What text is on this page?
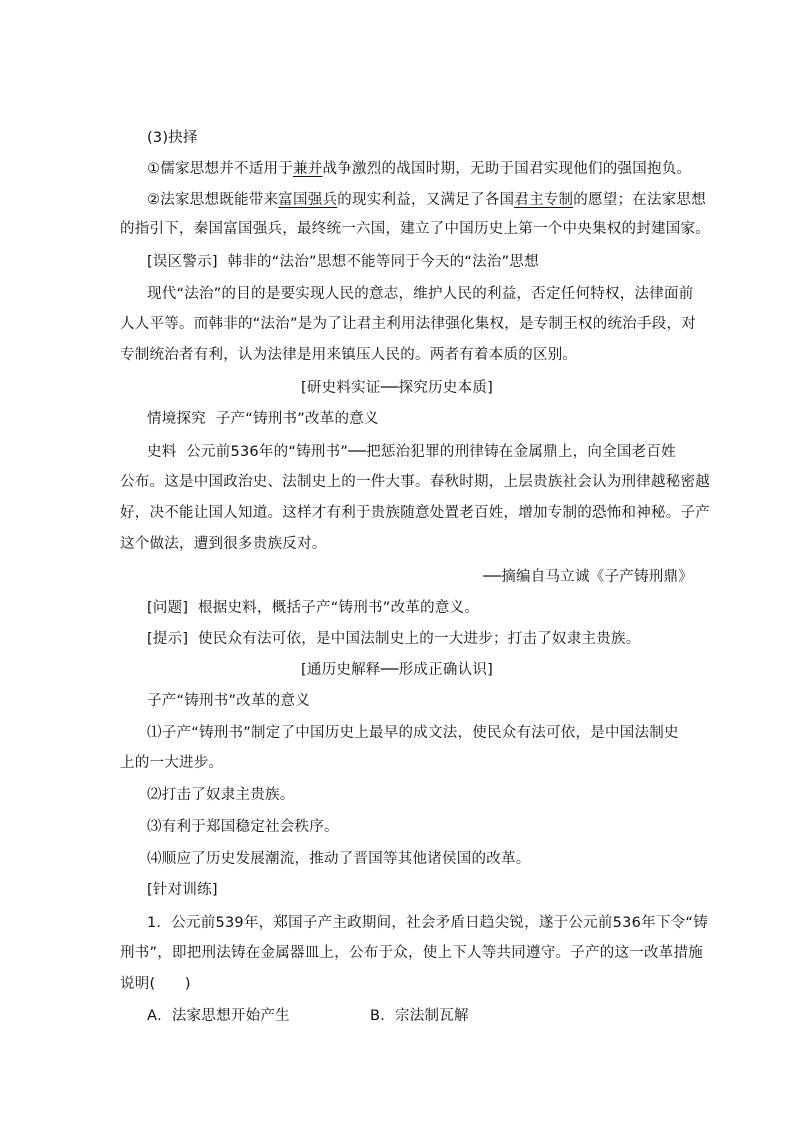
(3)抉择
①儒家思想并不适用于兼并战争激烈的战国时期，无助于国君实现他们的强国抱负。
②法家思想既能带来富国强兵的现实利益，又满足了各国君主专制的愿望；在法家思想
的指引下，秦国富国强兵，最终统一六国，建立了中国历史上第一个中央集权的封建国家。
[误区警示] 韩非的“法治”思想不能等同于今天的“法治”思想
现代“法治”的目的是要实现人民的意志，维护人民的利益，否定任何特权，法律面前
人人平等。而韩非的“法治”是为了让君主利用法律强化集权，是专制王权的统治手段，对
专制统治者有利，认为法律是用来镇压人民的。两者有着本质的区别。
[研史料实证──探究历史本质]
情境探究 子产“铸刑书”改革的意义
史料 公元前536年的“铸刑书”──把惩治犯罪的刑律铸在金属鼎上，向全国老百姓
公布。这是中国政治史、法制史上的一件大事。春秋时期，上层贵族社会认为刑律越秘密越
好，决不能让国人知道。这样才有利于贵族随意处置老百姓，增加专制的恐怖和神秘。子产
这个做法，遭到很多贵族反对。
──摘编自马立诚《子产铸刑鼎》
[问题] 根据史料，概括子产“铸刑书”改革的意义。
[提示] 使民众有法可依，是中国法制史上的一大进步；打击了奴隶主贵族。
[通历史解释──形成正确认识]
子产“铸刑书”改革的意义
⑴子产“铸刑书”制定了中国历史上最早的成文法，使民众有法可依，是中国法制史
上的一大进步。
⑵打击了奴隶主贵族。
⑶有利于郑国稳定社会秩序。
⑷顺应了历史发展潮流，推动了晋国等其他诸侯国的改革。
[针对训练]
1．公元前539年，郑国子产主政期间，社会矛盾日趋尖锐，遂于公元前536年下令“铸
刑书”，即把刑法铸在金属器皿上，公布于众，使上下人等共同遵守。子产的这一改革措施
说明(　　)
A．法家思想开始产生	B．宗法制瓦解
